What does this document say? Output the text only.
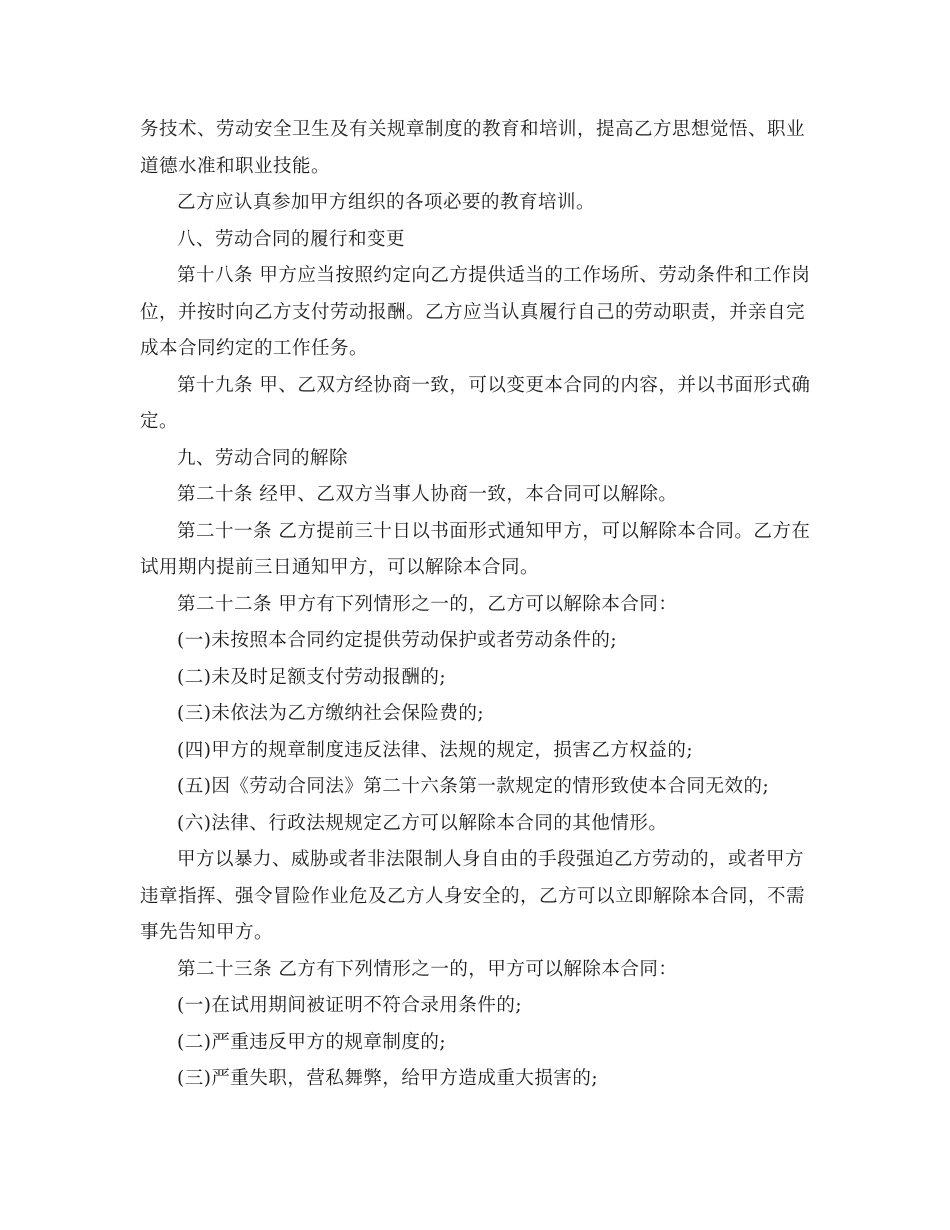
务技术、劳动安全卫生及有关规章制度的教育和培训，提高乙方思想觉悟、职业道德水准和职业技能。

乙方应认真参加甲方组织的各项必要的教育培训。

八、劳动合同的履行和变更

第十八条 甲方应当按照约定向乙方提供适当的工作场所、劳动条件和工作岗位，并按时向乙方支付劳动报酬。乙方应当认真履行自己的劳动职责，并亲自完成本合同约定的工作任务。

第十九条 甲、乙双方经协商一致，可以变更本合同的内容，并以书面形式确定。

九、劳动合同的解除

第二十条 经甲、乙双方当事人协商一致，本合同可以解除。

第二十一条 乙方提前三十日以书面形式通知甲方，可以解除本合同。乙方在试用期内提前三日通知甲方，可以解除本合同。

第二十二条 甲方有下列情形之一的，乙方可以解除本合同：

(一)未按照本合同约定提供劳动保护或者劳动条件的;

(二)未及时足额支付劳动报酬的;

(三)未依法为乙方缴纳社会保险费的;

(四)甲方的规章制度违反法律、法规的规定，损害乙方权益的;

(五)因《劳动合同法》第二十六条第一款规定的情形致使本合同无效的;

(六)法律、行政法规规定乙方可以解除本合同的其他情形。

甲方以暴力、威胁或者非法限制人身自由的手段强迫乙方劳动的，或者甲方违章指挥、强令冒险作业危及乙方人身安全的，乙方可以立即解除本合同，不需事先告知甲方。

第二十三条 乙方有下列情形之一的，甲方可以解除本合同：

(一)在试用期间被证明不符合录用条件的;

(二)严重违反甲方的规章制度的;

(三)严重失职，营私舞弊，给甲方造成重大损害的;
